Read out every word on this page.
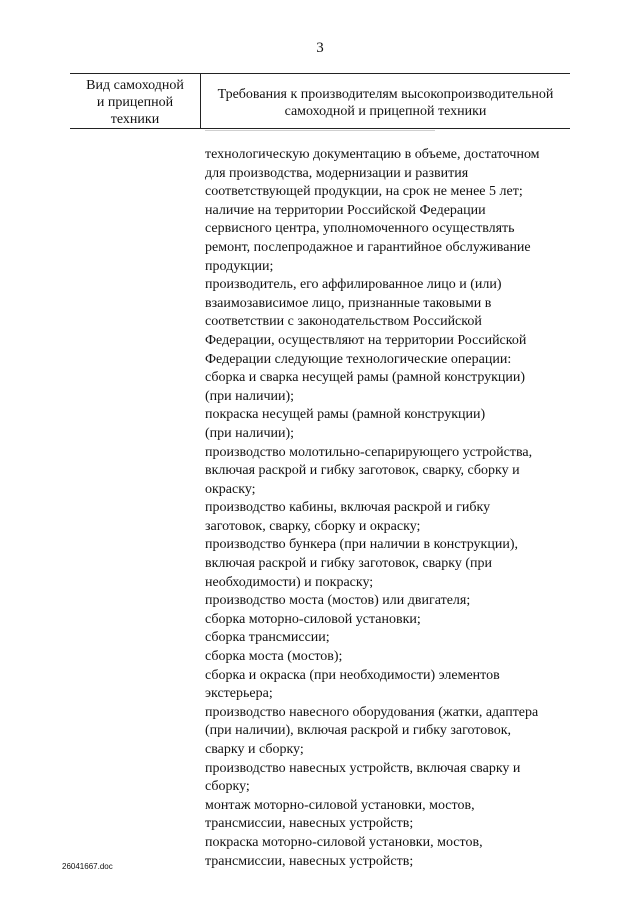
3
Вид самоходной
и прицепной
техники
Требования к производителям высокопроизводительной
самоходной и прицепной техники
технологическую документацию в объеме, достаточном
для производства, модернизации и развития
соответствующей продукции, на срок не менее 5 лет;
наличие на территории Российской Федерации
сервисного центра, уполномоченного осуществлять
ремонт, послепродажное и гарантийное обслуживание
продукции;
производитель, его аффилированное лицо и (или)
взаимозависимое лицо, признанные таковыми в
соответствии с законодательством Российской
Федерации, осуществляют на территории Российской
Федерации следующие технологические операции:
сборка и сварка несущей рамы (рамной конструкции)
(при наличии);
покраска несущей рамы (рамной конструкции)
(при наличии);
производство молотильно-сепарирующего устройства,
включая раскрой и гибку заготовок, сварку, сборку и
окраску;
производство кабины, включая раскрой и гибку
заготовок, сварку, сборку и окраску;
производство бункера (при наличии в конструкции),
включая раскрой и гибку заготовок, сварку (при
необходимости) и покраску;
производство моста (мостов) или двигателя;
сборка моторно-силовой установки;
сборка трансмиссии;
сборка моста (мостов);
сборка и окраска (при необходимости) элементов
экстерьера;
производство навесного оборудования (жатки, адаптера
(при наличии), включая раскрой и гибку заготовок,
сварку и сборку;
производство навесных устройств, включая сварку и
сборку;
монтаж моторно-силовой установки, мостов,
трансмиссии, навесных устройств;
покраска моторно-силовой установки, мостов,
трансмиссии, навесных устройств;
26041667.doc
